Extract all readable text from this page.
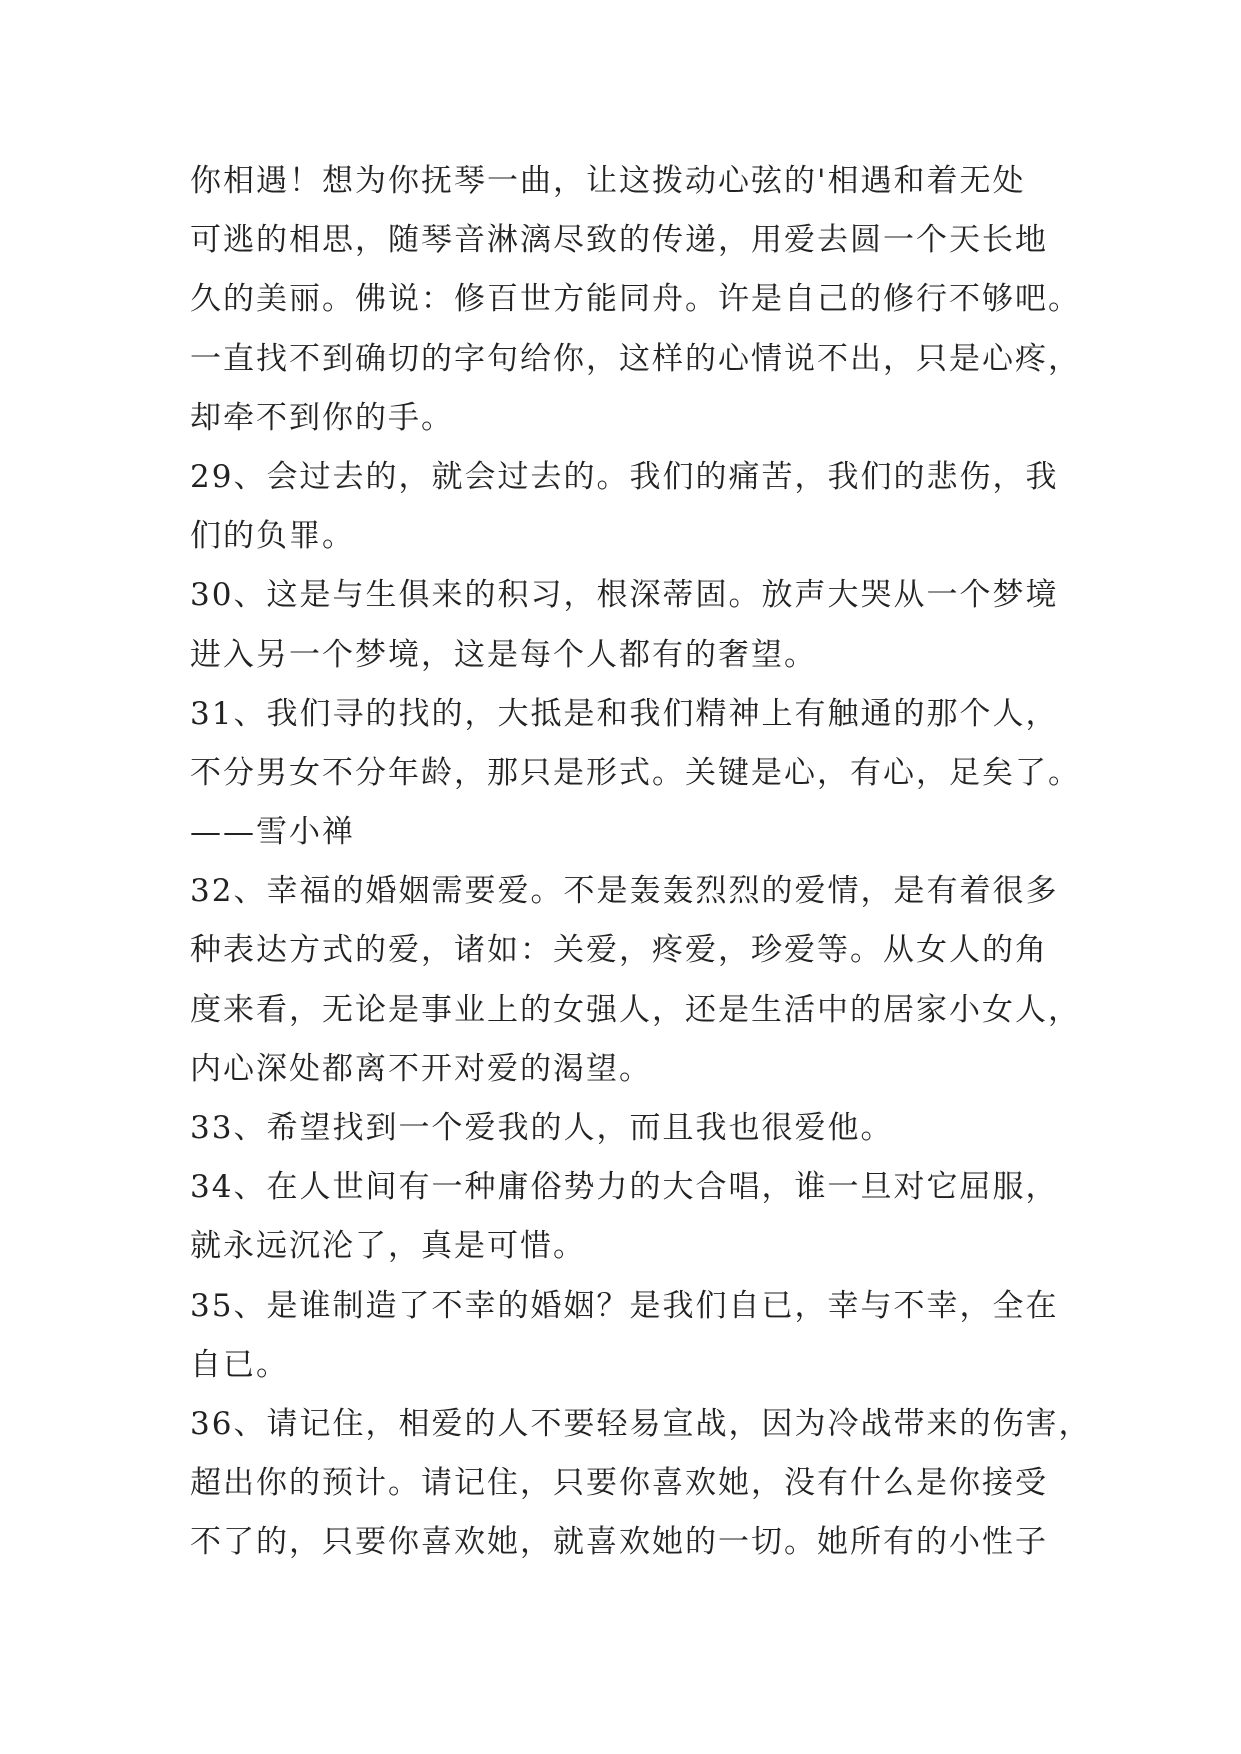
你相遇！想为你抚琴一曲，让这拨动心弦的'相遇和着无处
可逃的相思，随琴音淋漓尽致的传递，用爱去圆一个天长地
久的美丽。佛说：修百世方能同舟。许是自己的修行不够吧。
一直找不到确切的字句给你，这样的心情说不出，只是心疼，
却牵不到你的手。
29、会过去的，就会过去的。我们的痛苦，我们的悲伤，我
们的负罪。
30、这是与生俱来的积习，根深蒂固。放声大哭从一个梦境
进入另一个梦境，这是每个人都有的奢望。
31、我们寻的找的，大抵是和我们精神上有触通的那个人，
不分男女不分年龄，那只是形式。关键是心，有心，足矣了。
——雪小禅
32、幸福的婚姻需要爱。不是轰轰烈烈的爱情，是有着很多
种表达方式的爱，诸如：关爱，疼爱，珍爱等。从女人的角
度来看，无论是事业上的女强人，还是生活中的居家小女人，
内心深处都离不开对爱的渴望。
33、希望找到一个爱我的人，而且我也很爱他。
34、在人世间有一种庸俗势力的大合唱，谁一旦对它屈服，
就永远沉沦了，真是可惜。
35、是谁制造了不幸的婚姻？是我们自已，幸与不幸，全在
自已。
36、请记住，相爱的人不要轻易宣战，因为冷战带来的伤害，
超出你的预计。请记住，只要你喜欢她，没有什么是你接受
不了的，只要你喜欢她，就喜欢她的一切。她所有的小性子
